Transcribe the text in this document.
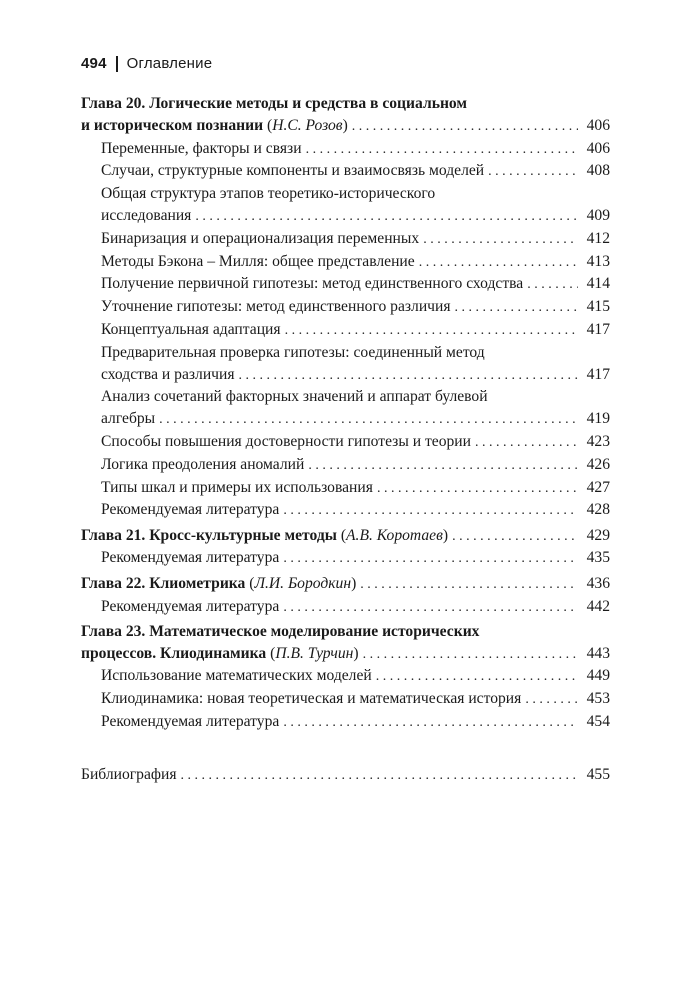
494 Оглавление
Глава 20. Логические методы и средства в социальном
и историческом познании (Н.С. Розов) . . .	406
Переменные, факторы и связи . . .	406
Случаи, структурные компоненты и взаимосвязь моделей . . .	408
Общая структура этапов теоретико-исторического
исследования . . .	409
Бинаризация и операционализация переменных . . .	412
Методы Бэкона – Милля: общее представление . . .	413
Получение первичной гипотезы: метод единственного сходства . . .	414
Уточнение гипотезы: метод единственного различия . . .	415
Концептуальная адаптация . . .	417
Предварительная проверка гипотезы: соединенный метод
сходства и различия . . .	417
Анализ сочетаний факторных значений и аппарат булевой
алгебры . . .	419
Способы повышения достоверности гипотезы и теории . . .	423
Логика преодоления аномалий . . .	426
Типы шкал и примеры их использования . . .	427
Рекомендуемая литература . . .	428
Глава 21. Кросс-культурные методы (А.В. Коротаев) . . .	429
Рекомендуемая литература . . .	435
Глава 22. Клиометрика (Л.И. Бородкин) . . .	436
Рекомендуемая литература . . .	442
Глава 23. Математическое моделирование исторических
процессов. Клиодинамика (П.В. Турчин) . . .	443
Использование математических моделей . . .	449
Клиодинамика: новая теоретическая и математическая история . . .	453
Рекомендуемая литература . . .	454
Библиография . . .	455
